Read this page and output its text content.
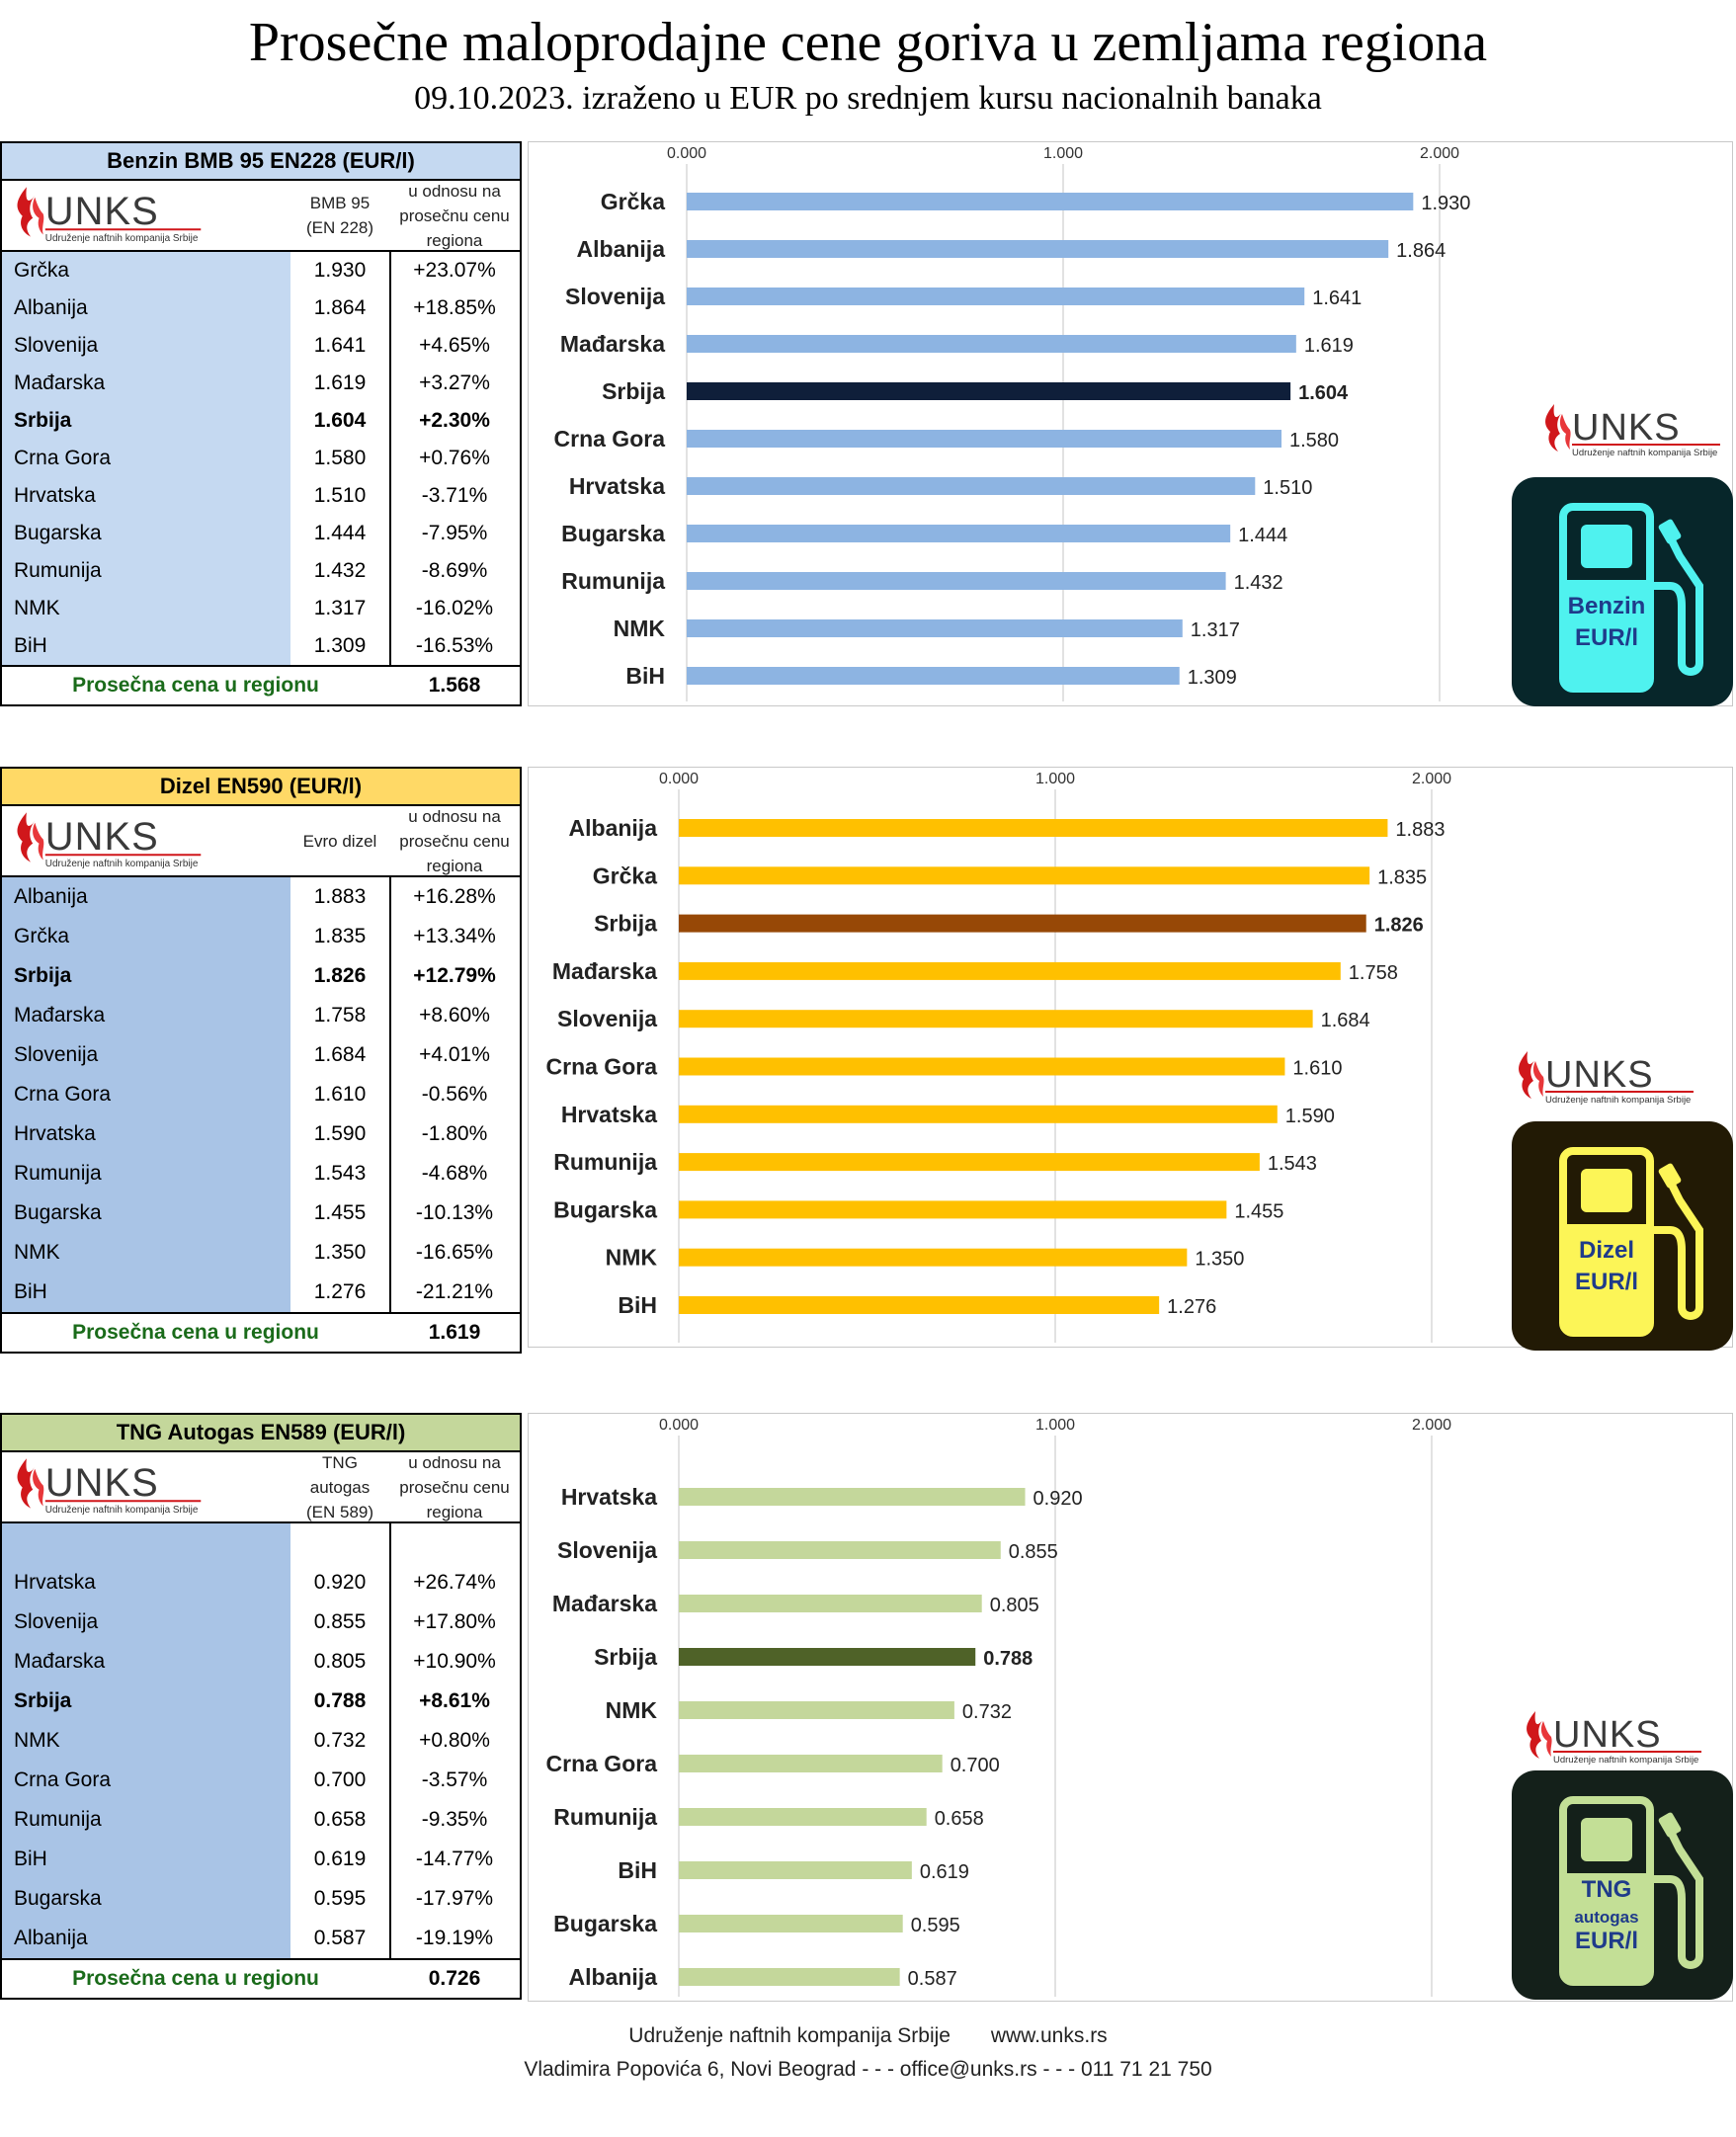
Prosečne maloprodajne cene goriva u zemljama regiona
09.10.2023. izraženo u EUR po srednjem kursu nacionalnih banaka
Benzin BMB 95 EN228 (EUR/l)
UNKS
Udruženje naftnih kompanija Srbije
BMB 95
(EN 228)
u odnosu na
prosečnu cenu
regiona
Grčka	1.930	+23.07%
Albanija	1.864	+18.85%
Slovenija	1.641	+4.65%
Mađarska	1.619	+3.27%
Srbija	1.604	+2.30%
Crna Gora	1.580	+0.76%
Hrvatska	1.510	-3.71%
Bugarska	1.444	-7.95%
Rumunija	1.432	-8.69%
NMK	1.317	-16.02%
BiH	1.309	-16.53%
Prosečna cena u regionu	1.568
0.000	1.000	2.000
Grčka	1.930
Albanija	1.864
Slovenija	1.641
Mađarska	1.619
Srbija	1.604
Crna Gora	1.580
Hrvatska	1.510
Bugarska	1.444
Rumunija	1.432
NMK	1.317
BiH	1.309
UNKS
Udruženje naftnih kompanija Srbije
Benzin
EUR/l
Dizel EN590 (EUR/l)
UNKS
Udruženje naftnih kompanija Srbije
Evro dizel
u odnosu na
prosečnu cenu
regiona
Albanija	1.883	+16.28%
Grčka	1.835	+13.34%
Srbija	1.826	+12.79%
Mađarska	1.758	+8.60%
Slovenija	1.684	+4.01%
Crna Gora	1.610	-0.56%
Hrvatska	1.590	-1.80%
Rumunija	1.543	-4.68%
Bugarska	1.455	-10.13%
NMK	1.350	-16.65%
BiH	1.276	-21.21%
Prosečna cena u regionu	1.619
0.000	1.000	2.000
Albanija	1.883
Grčka	1.835
Srbija	1.826
Mađarska	1.758
Slovenija	1.684
Crna Gora	1.610
Hrvatska	1.590
Rumunija	1.543
Bugarska	1.455
NMK	1.350
BiH	1.276
UNKS
Udruženje naftnih kompanija Srbije
Dizel
EUR/l
TNG Autogas EN589 (EUR/l)
UNKS
Udruženje naftnih kompanija Srbije
TNG
autogas
(EN 589)
u odnosu na
prosečnu cenu
regiona
Hrvatska	0.920	+26.74%
Slovenija	0.855	+17.80%
Mađarska	0.805	+10.90%
Srbija	0.788	+8.61%
NMK	0.732	+0.80%
Crna Gora	0.700	-3.57%
Rumunija	0.658	-9.35%
BiH	0.619	-14.77%
Bugarska	0.595	-17.97%
Albanija	0.587	-19.19%
Prosečna cena u regionu	0.726
0.000	1.000	2.000
Hrvatska	0.920
Slovenija	0.855
Mađarska	0.805
Srbija	0.788
NMK	0.732
Crna Gora	0.700
Rumunija	0.658
BiH	0.619
Bugarska	0.595
Albanija	0.587
UNKS
Udruženje naftnih kompanija Srbije
TNG
autogas
EUR/l
Udruženje naftnih kompanija Srbije       www.unks.rs
Vladimira Popovića 6, Novi Beograd - - - office@unks.rs - - - 011 71 21 750
